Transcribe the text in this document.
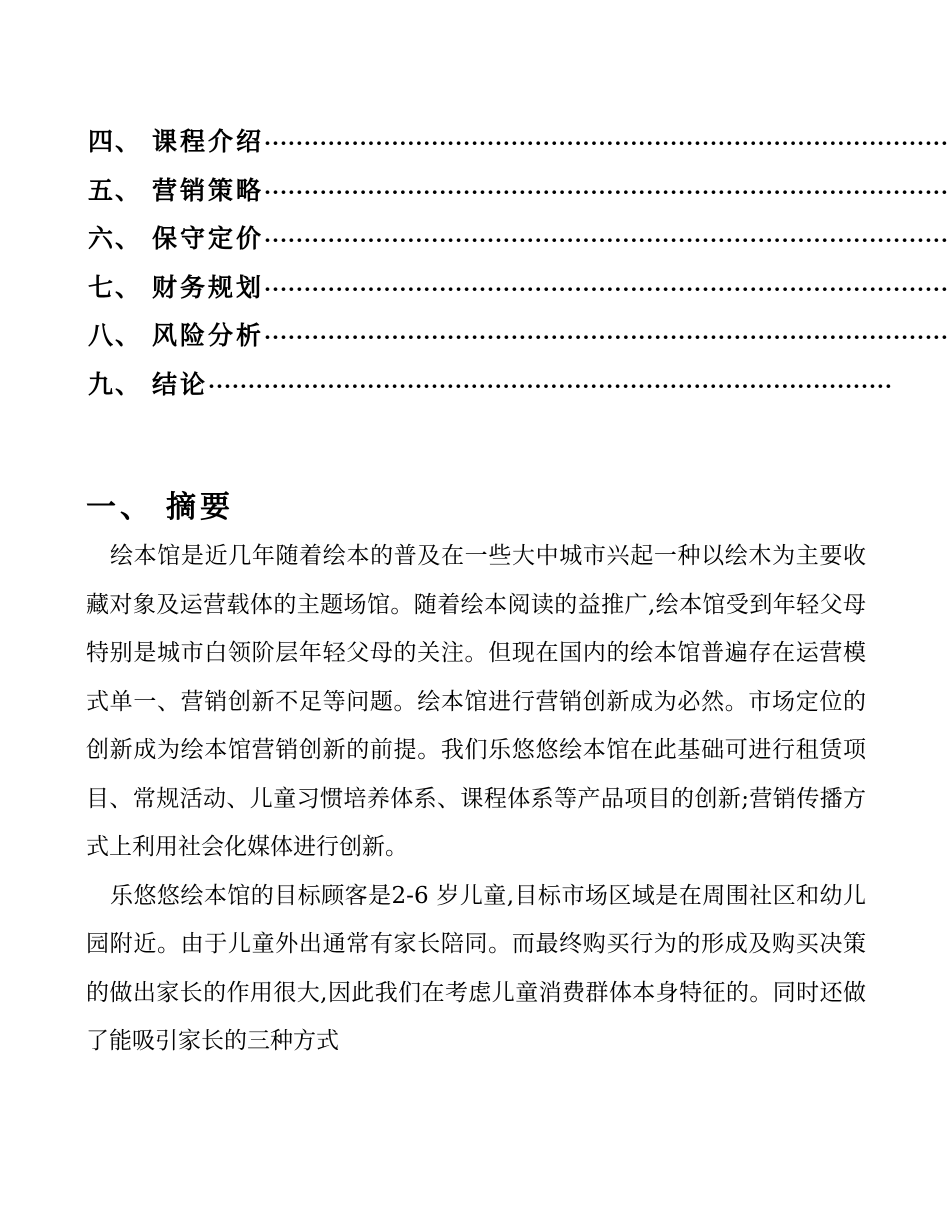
四、 课程介绍 ······················································································
五、 营销策略 ······················································································
六、 保守定价 ······················································································
七、 财务规划 ······················································································
八、 风险分析 ······················································································
九、 结论 ······················································································
一、 摘要

绘本馆是近几年随着绘本的普及在一些大中城市兴起一种以绘木为主要收藏对象及运营载体的主题场馆。随着绘本阅读的益推广,绘本馆受到年轻父母特别是城市白领阶层年轻父母的关注。但现在国内的绘本馆普遍存在运营模式单一、营销创新不足等问题。绘本馆进行营销创新成为必然。市场定位的创新成为绘本馆营销创新的前提。我们乐悠悠绘本馆在此基础可进行租赁项目、常规活动、儿童习惯培养体系、课程体系等产品项目的创新;营销传播方式上利用社会化媒体进行创新。

乐悠悠绘本馆的目标顾客是2-6 岁儿童,目标市场区域是在周围社区和幼儿园附近。由于儿童外出通常有家长陪同。而最终购买行为的形成及购买决策的做出家长的作用很大,因此我们在考虑儿童消费群体本身特征的。同时还做了能吸引家长的三种方式
